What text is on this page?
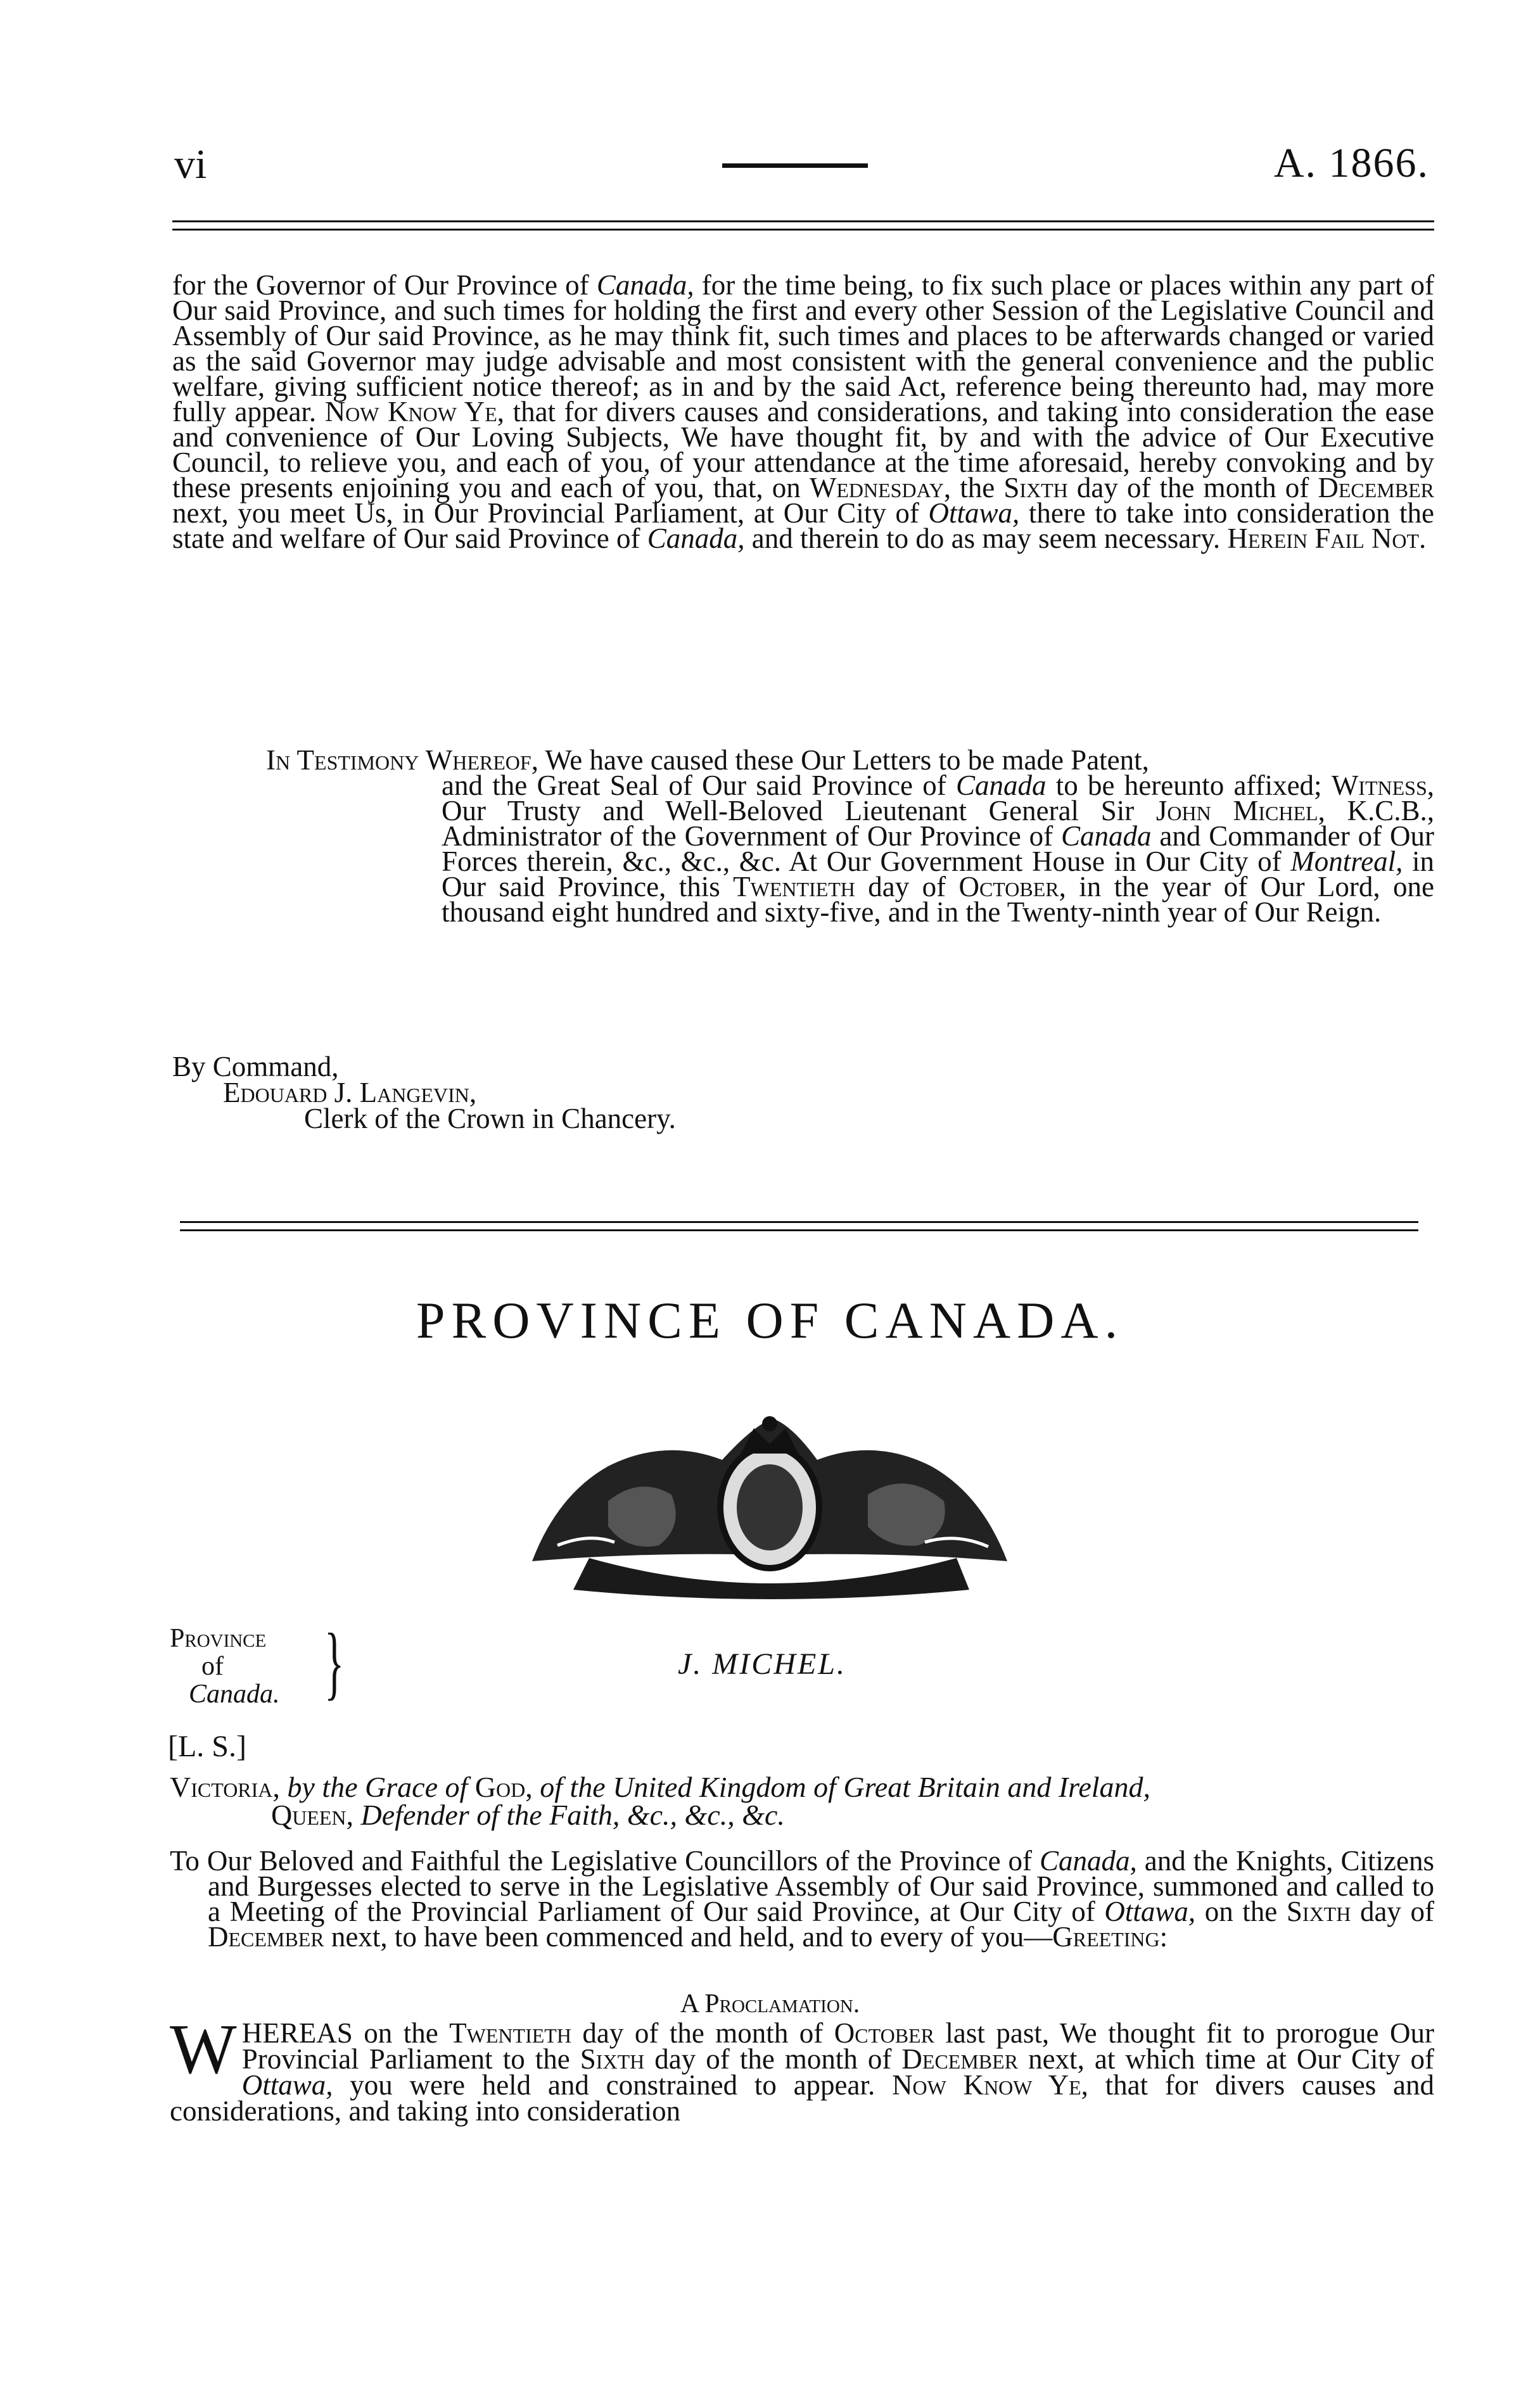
vi	A. 1866.

for the Governor of Our Province of Canada, for the time being, to fix such place or places within any part of Our said Province, and such times for holding the first and every other Session of the Legislative Council and Assembly of Our said Province, as he may think fit, such times and places to be afterwards changed or varied as the said Governor may judge advisable and most consistent with the general convenience and the public welfare, giving sufficient notice thereof; as in and by the said Act, reference being thereunto had, may more fully appear. Now Know Ye, that for divers causes and considerations, and taking into consideration the ease and convenience of Our Loving Subjects, We have thought fit, by and with the advice of Our Executive Council, to relieve you, and each of you, of your attendance at the time aforesaid, hereby convoking and by these presents enjoining you and each of you, that, on Wednesday, the Sixth day of the month of December next, you meet Us, in Our Provincial Parliament, at Our City of Ottawa, there to take into consideration the state and welfare of Our said Province of Canada, and therein to do as may seem necessary. Herein Fail Not.

In Testimony Whereof, We have caused these Our Letters to be made Patent,

and the Great Seal of Our said Province of Canada to be hereunto affixed; Witness, Our Trusty and Well-Beloved Lieutenant General Sir John Michel, K.C.B., Administrator of the Government of Our Province of Canada and Commander of Our Forces therein, &c., &c., &c. At Our Government House in Our City of Montreal, in Our said Province, this Twentieth day of October, in the year of Our Lord, one thousand eight hundred and sixty-five, and in the Twenty-ninth year of Our Reign.

By Command,
Edouard J. Langevin,
Clerk of the Crown in Chancery.
PROVINCE OF CANADA.
Province
of
Canada. }	J. MICHEL.
[L. S.]
Victoria, by the Grace of God, of the United Kingdom of Great Britain and Ireland,
Queen, Defender of the Faith, &c., &c., &c.

To Our Beloved and Faithful the Legislative Councillors of the Province of Canada, and the Knights, Citizens and Burgesses elected to serve in the Legislative Assembly of Our said Province, summoned and called to a Meeting of the Provincial Parliament of Our said Province, at Our City of Ottawa, on the Sixth day of December next, to have been commenced and held, and to every of you—Greeting:

A Proclamation.
W HEREAS on the Twentieth day of the month of October last past, We thought fit to prorogue Our Provincial Parliament to the Sixth day of the month of December next, at which time at Our City of Ottawa, you were held and constrained to appear. Now Know Ye, that for divers causes and considerations, and taking into consideration
